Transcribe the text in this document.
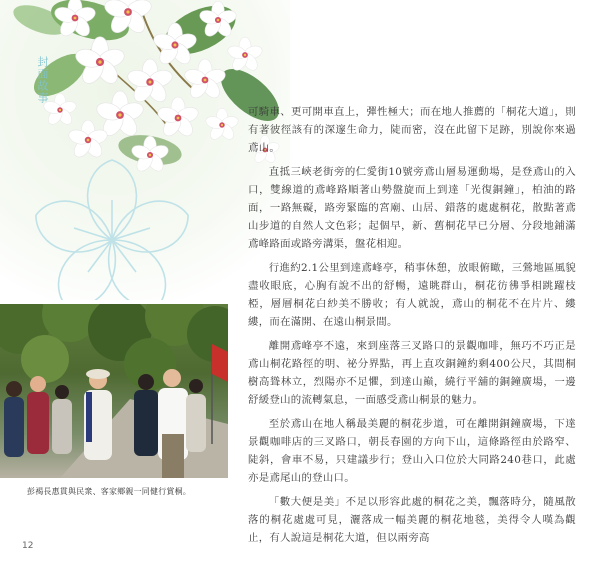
封面故事

可騎車、更可開車直上，彈性極大；而在地人推薦的「桐花大道」，則有著彼徑該有的深邃生命力，陡而密，沒在此留下足跡，別說你來過鳶山。

直抵三峽老街旁的仁愛街10號旁鳶山層易運動場，是登鳶山的入口，雙線道的鳶峰路順著山勢盤旋而上到達「光復銅鐘」，柏油的路面，一路無礙，路旁緊臨的宮廟、山居、錯落的處處桐花，散點著鳶山步道的自然人文色彩；起個早，新、舊桐花早已分層、分段地鋪滿鳶峰路面或路旁溝渠，盤花相迎。

行進約2.1公里到達鳶峰亭，稍事休憩，放眼俯瞰，三鶯地區風貌盡收眼底，心胸有說不出的舒暢，遠眺群山，桐花彷彿爭相跳躍枝椏，層層桐花白紗美不勝收；有人就說，鳶山的桐花不在片片、縷縷，而在滿開、在遠山桐景間。

離開鳶峰亭不遠，來到座落三叉路口的景觀咖啡，無巧不巧正是鳶山桐花路徑的明、祕分界點，再上直攻銅鐘約剩400公尺，其間桐樹高聳林立，烈陽亦不足懼，到達山巔，繞行平舖的銅鐘廣場，一邊舒緩登山的流轉氣息，一面感受鳶山桐景的魅力。

至於鳶山在地人稱最美麗的桐花步道，可在離開銅鐘廣場，下達景觀咖啡店的三叉路口，朝長春園的方向下山，這條路徑由於路窄、陡斜，會車不易，只建議步行；登山入口位於大同路240巷口，此處亦是鳶尾山的登山口。

「數大便是美」不足以形容此處的桐花之美，飄落時分，隨風散落的桐花處處可見，灑落成一幅美麗的桐花地毯，美得令人嘆為觀止，有人說這是桐花大道，但以兩旁高

彭褐長惠貫與民衆、客家鄉親一同健行賞桐。
12
